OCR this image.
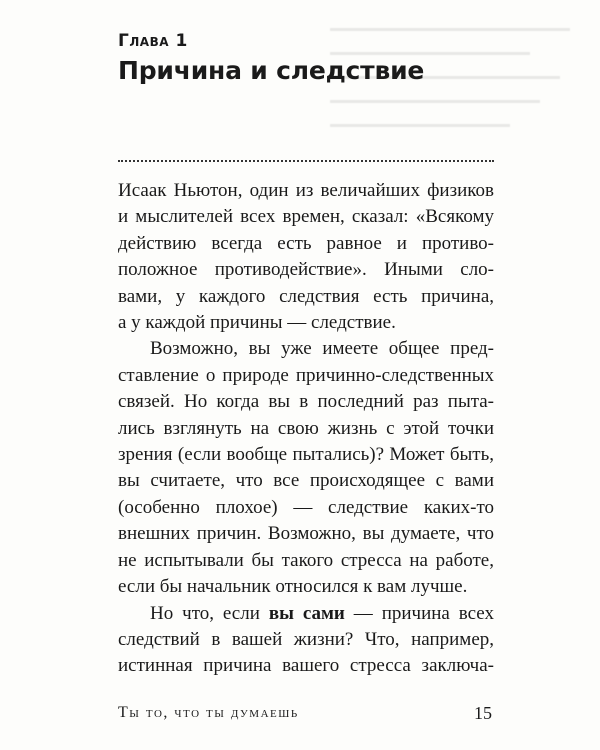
Глава 1
Причина и следствие
Исаак Ньютон, один из величайших физиков
и мыслителей всех времен, сказал: «Всякому
действию всегда есть равное и противо-
положное противодействие». Иными сло-
вами, у каждого следствия есть причина,
а у каждой причины — следствие.
Возможно, вы уже имеете общее пред-
ставление о природе причинно-следственных
связей. Но когда вы в последний раз пыта-
лись взглянуть на свою жизнь с этой точки
зрения (если вообще пытались)? Может быть,
вы считаете, что все происходящее с вами
(особенно плохое) — следствие каких-то
внешних причин. Возможно, вы думаете, что
не испытывали бы такого стресса на работе,
если бы начальник относился к вам лучше.
Но что, если вы сами — причина всех
следствий в вашей жизни? Что, например,
истинная причина вашего стресса заключа-
Ты то, что ты думаешь	15
